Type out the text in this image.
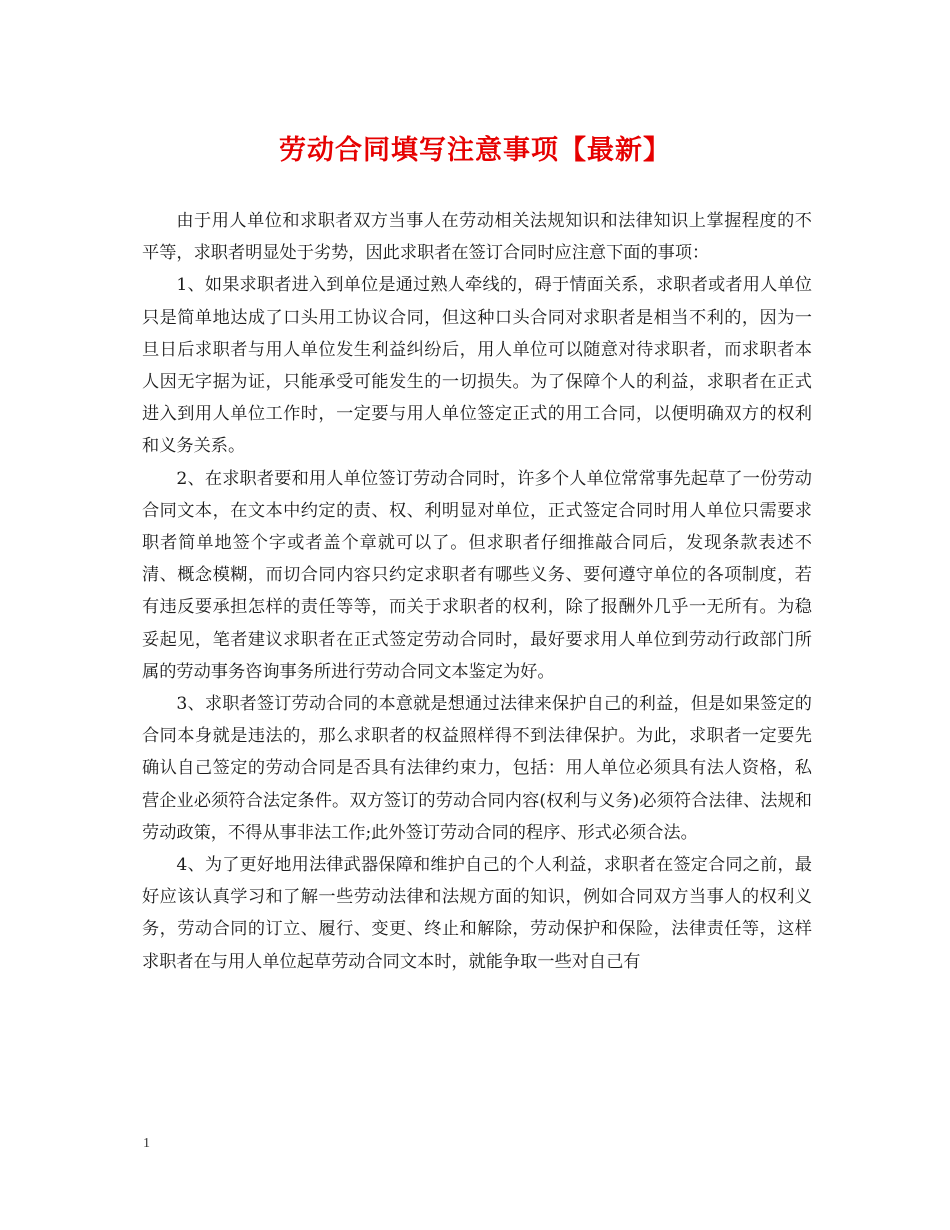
劳动合同填写注意事项【最新】

由于用人单位和求职者双方当事人在劳动相关法规知识和法律知识上掌握程度的不平等，求职者明显处于劣势，因此求职者在签订合同时应注意下面的事项：

1、如果求职者进入到单位是通过熟人牵线的，碍于情面关系，求职者或者用人单位只是简单地达成了口头用工协议合同，但这种口头合同对求职者是相当不利的，因为一旦日后求职者与用人单位发生利益纠纷后，用人单位可以随意对待求职者，而求职者本人因无字据为证，只能承受可能发生的一切损失。为了保障个人的利益，求职者在正式进入到用人单位工作时，一定要与用人单位签定正式的用工合同，以便明确双方的权利和义务关系。

2、在求职者要和用人单位签订劳动合同时，许多个人单位常常事先起草了一份劳动合同文本，在文本中约定的责、权、利明显对单位，正式签定合同时用人单位只需要求职者简单地签个字或者盖个章就可以了。但求职者仔细推敲合同后，发现条款表述不清、概念模糊，而切合同内容只约定求职者有哪些义务、要何遵守单位的各项制度，若有违反要承担怎样的责任等等，而关于求职者的权利，除了报酬外几乎一无所有。为稳妥起见，笔者建议求职者在正式签定劳动合同时，最好要求用人单位到劳动行政部门所属的劳动事务咨询事务所进行劳动合同文本鉴定为好。

3、求职者签订劳动合同的本意就是想通过法律来保护自己的利益，但是如果签定的合同本身就是违法的，那么求职者的权益照样得不到法律保护。为此，求职者一定要先确认自己签定的劳动合同是否具有法律约束力，包括：用人单位必须具有法人资格，私营企业必须符合法定条件。双方签订的劳动合同内容(权利与义务)必须符合法律、法规和劳动政策，不得从事非法工作;此外签订劳动合同的程序、形式必须合法。

4、为了更好地用法律武器保障和维护自己的个人利益，求职者在签定合同之前，最好应该认真学习和了解一些劳动法律和法规方面的知识，例如合同双方当事人的权利义务，劳动合同的订立、履行、变更、终止和解除，劳动保护和保险，法律责任等，这样求职者在与用人单位起草劳动合同文本时，就能争取一些对自己有

1
